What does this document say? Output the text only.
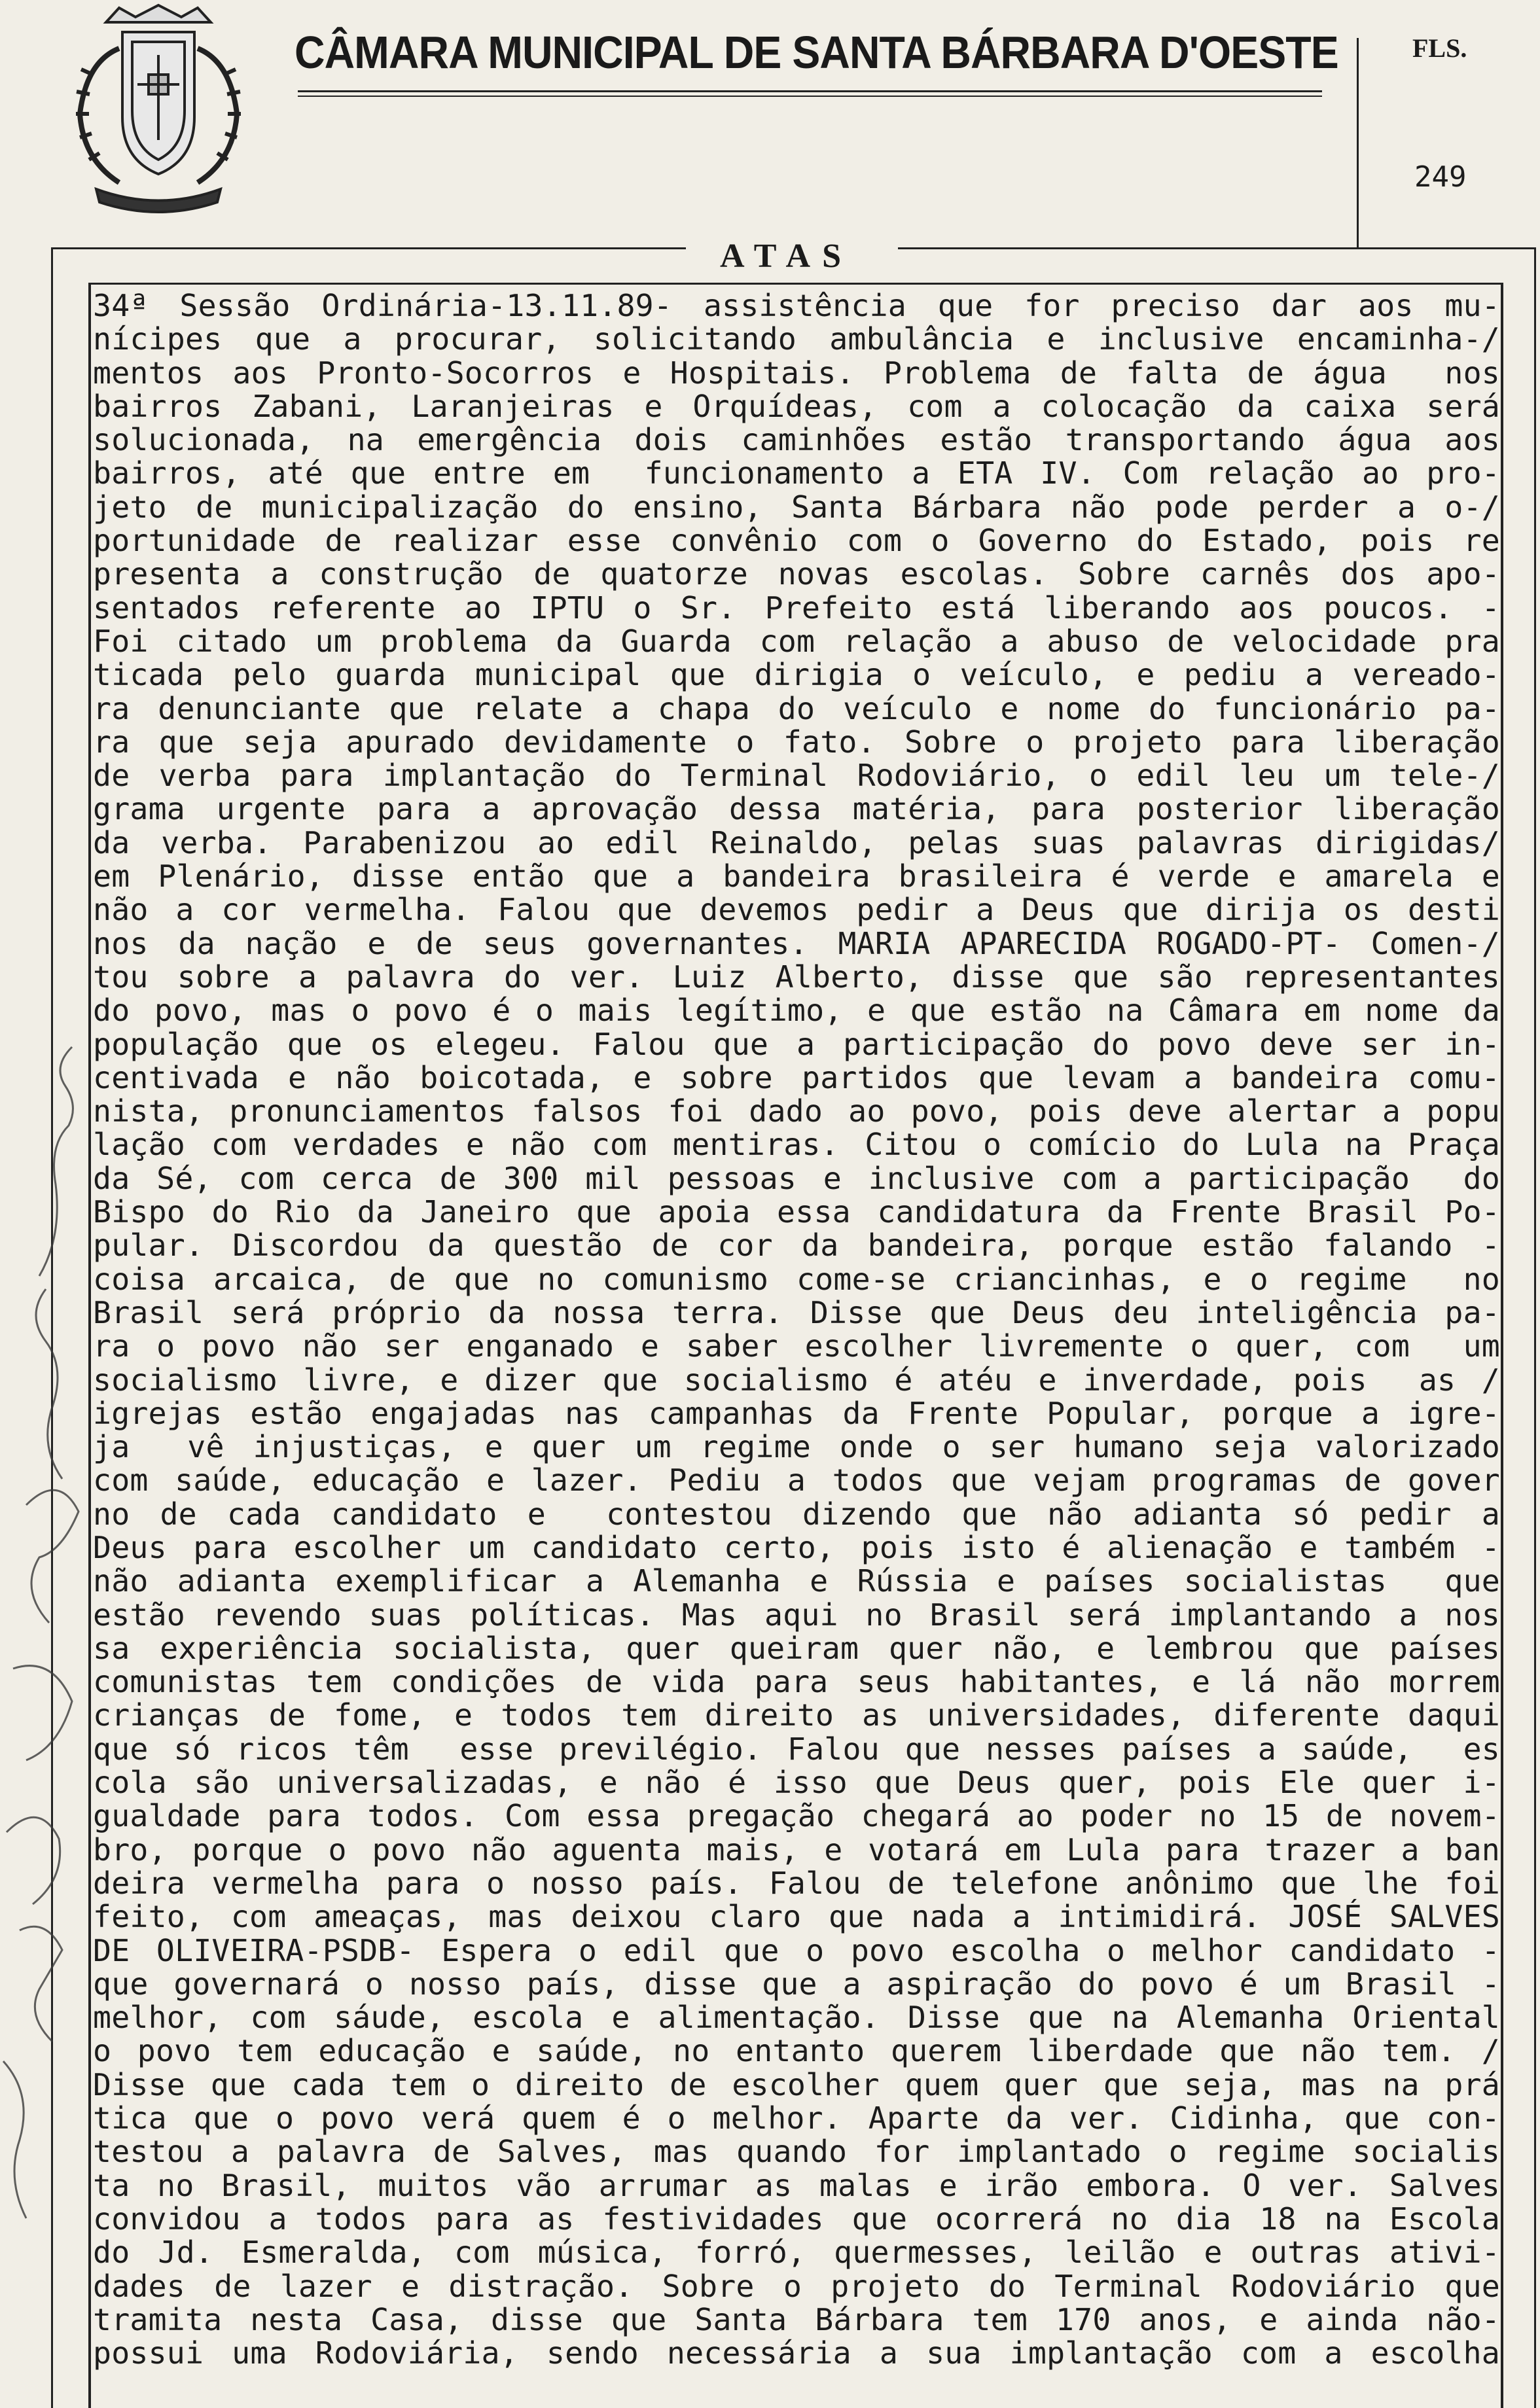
CÂMARA MUNICIPAL DE SANTA BÁRBARA D'OESTE	FLS.
249
ATAS
34ª Sessão Ordinária-13.11.89- assistência que for preciso dar aos mu-
nícipes que a procurar, solicitando ambulância e inclusive encaminha-/
mentos aos Pronto-Socorros e Hospitais. Problema de falta de água  nos
bairros Zabani, Laranjeiras e Orquídeas, com a colocação da caixa será
solucionada, na emergência dois caminhões estão transportando água aos
bairros, até que entre em  funcionamento a ETA IV. Com relação ao pro-
jeto de municipalização do ensino, Santa Bárbara não pode perder a o-/
portunidade de realizar esse convênio com o Governo do Estado, pois re
presenta a construção de quatorze novas escolas. Sobre carnês dos apo-
sentados referente ao IPTU o Sr. Prefeito está liberando aos poucos. -
Foi citado um problema da Guarda com relação a abuso de velocidade pra
ticada pelo guarda municipal que dirigia o veículo, e pediu a vereado-
ra denunciante que relate a chapa do veículo e nome do funcionário pa-
ra que seja apurado devidamente o fato. Sobre o projeto para liberação
de verba para implantação do Terminal Rodoviário, o edil leu um tele-/
grama urgente para a aprovação dessa matéria, para posterior liberação
da verba. Parabenizou ao edil Reinaldo, pelas suas palavras dirigidas/
em Plenário, disse então que a bandeira brasileira é verde e amarela e
não a cor vermelha. Falou que devemos pedir a Deus que dirija os desti
nos da nação e de seus governantes. MARIA APARECIDA ROGADO-PT- Comen-/
tou sobre a palavra do ver. Luiz Alberto, disse que são representantes
do povo, mas o povo é o mais legítimo, e que estão na Câmara em nome da
população que os elegeu. Falou que a participação do povo deve ser in-
centivada e não boicotada, e sobre partidos que levam a bandeira comu-
nista, pronunciamentos falsos foi dado ao povo, pois deve alertar a popu
lação com verdades e não com mentiras. Citou o comício do Lula na Praça
da Sé, com cerca de 300 mil pessoas e inclusive com a participação  do
Bispo do Rio da Janeiro que apoia essa candidatura da Frente Brasil Po-
pular. Discordou da questão de cor da bandeira, porque estão falando -
coisa arcaica, de que no comunismo come-se criancinhas, e o regime  no
Brasil será próprio da nossa terra. Disse que Deus deu inteligência pa-
ra o povo não ser enganado e saber escolher livremente o quer, com  um
socialismo livre, e dizer que socialismo é atéu e inverdade, pois  as /
igrejas estão engajadas nas campanhas da Frente Popular, porque a igre-
ja  vê injustiças, e quer um regime onde o ser humano seja valorizado
com saúde, educação e lazer. Pediu a todos que vejam programas de gover
no de cada candidato e  contestou dizendo que não adianta só pedir a
Deus para escolher um candidato certo, pois isto é alienação e também -
não adianta exemplificar a Alemanha e Rússia e países socialistas  que
estão revendo suas políticas. Mas aqui no Brasil será implantando a nos
sa experiência socialista, quer queiram quer não, e lembrou que países
comunistas tem condições de vida para seus habitantes, e lá não morrem
crianças de fome, e todos tem direito as universidades, diferente daqui
que só ricos têm  esse previlégio. Falou que nesses países a saúde,  es
cola são universalizadas, e não é isso que Deus quer, pois Ele quer i-
gualdade para todos. Com essa pregação chegará ao poder no 15 de novem-
bro, porque o povo não aguenta mais, e votará em Lula para trazer a ban
deira vermelha para o nosso país. Falou de telefone anônimo que lhe foi
feito, com ameaças, mas deixou claro que nada a intimidirá. JOSÉ SALVES
DE OLIVEIRA-PSDB- Espera o edil que o povo escolha o melhor candidato -
que governará o nosso país, disse que a aspiração do povo é um Brasil -
melhor, com sáude, escola e alimentação. Disse que na Alemanha Oriental
o povo tem educação e saúde, no entanto querem liberdade que não tem. /
Disse que cada tem o direito de escolher quem quer que seja, mas na prá
tica que o povo verá quem é o melhor. Aparte da ver. Cidinha, que con-
testou a palavra de Salves, mas quando for implantado o regime socialis
ta no Brasil, muitos vão arrumar as malas e irão embora. O ver. Salves
convidou a todos para as festividades que ocorrerá no dia 18 na Escola
do Jd. Esmeralda, com música, forró, quermesses, leilão e outras ativi-
dades de lazer e distração. Sobre o projeto do Terminal Rodoviário que
tramita nesta Casa, disse que Santa Bárbara tem 170 anos, e ainda não-
possui uma Rodoviária, sendo necessária a sua implantação com a escolha
